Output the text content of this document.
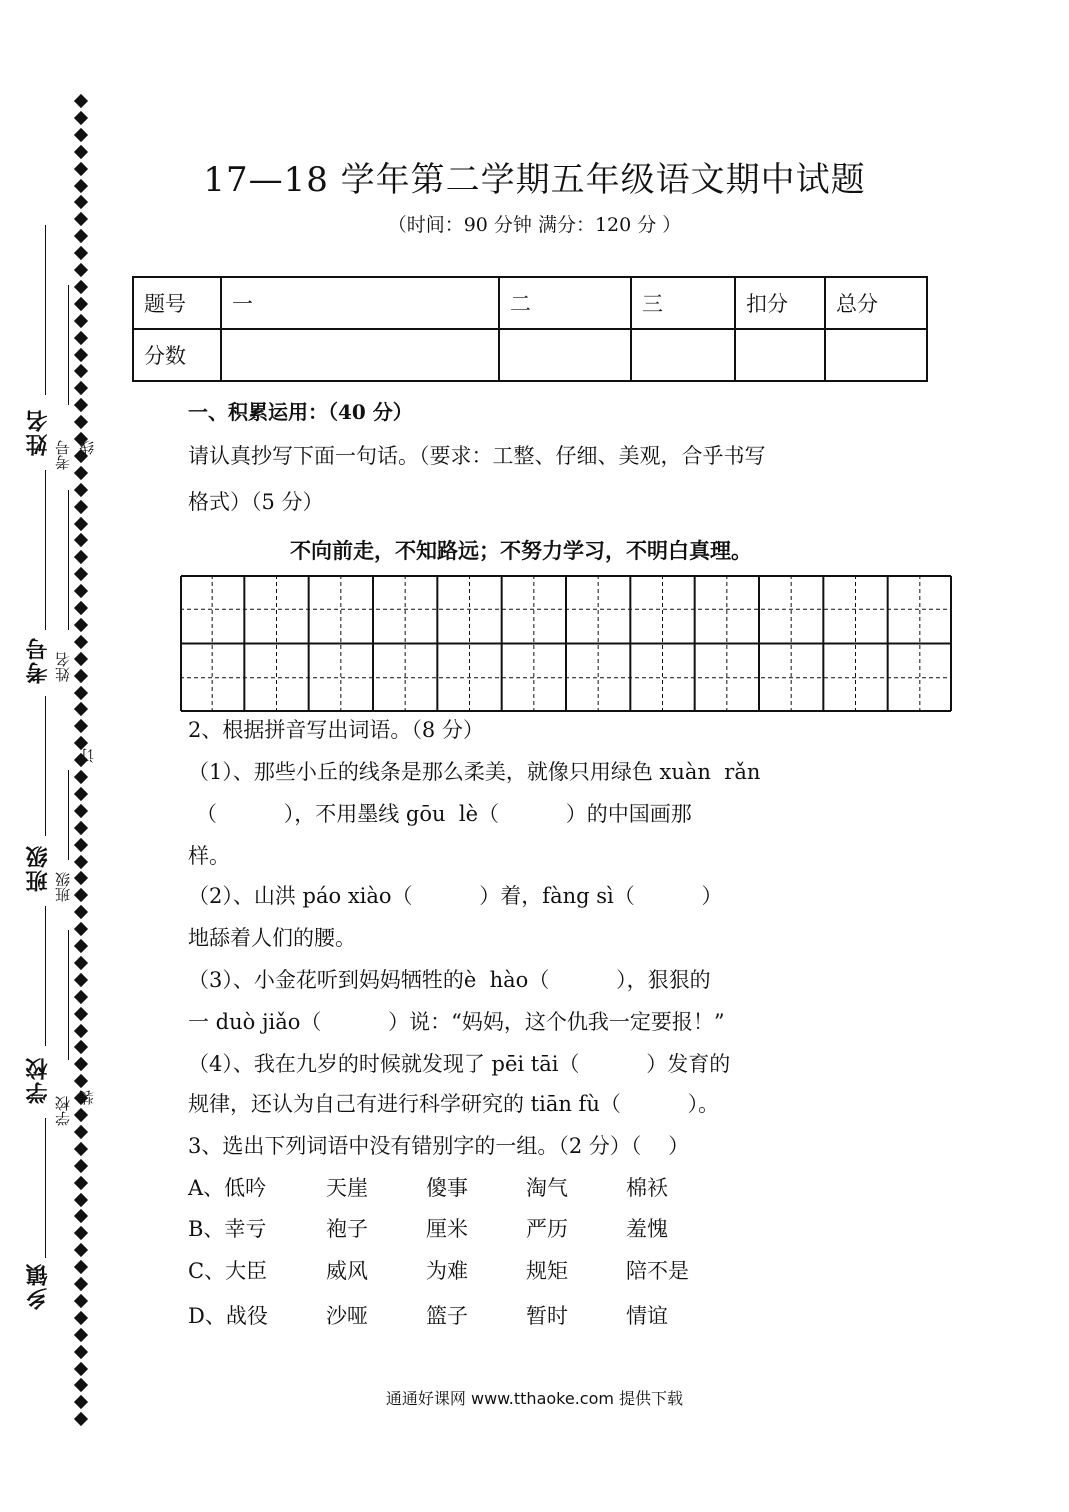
姓名
考号
班级
学校
乡镇
考号 线
姓名
订
班级
学校 装
17—18 学年第二学期五年级语文期中试题
（时间：90 分钟 满分：120 分 ）
题号	一	二	三	扣分	总分
分数					
一、积累运用：（40 分）
请认真抄写下面一句话。（要求：工整、仔细、美观，合乎书写
格式）（5 分）
不向前走，不知路远；不努力学习，不明白真理。
2、根据拼音写出词语。（8 分）
（1）、那些小丘的线条是那么柔美，就像只用绿色 xuàn  rǎn
（          ），不用墨线 gōu  lè（          ）的中国画那
样。
（2）、山洪 páo xiào（          ）着，fàng sì（          ）
地舔着人们的腰。
（3）、小金花听到妈妈牺牲的è  hào（          ），狠狠的
一 duò jiǎo（          ）说：“妈妈，这个仇我一定要报！”
（4）、我在九岁的时候就发现了 pēi tāi（          ）发育的
规律，还认为自己有进行科学研究的 tiān fù（          ）。
3、选出下列词语中没有错别字的一组。（2 分）（    ）
A、低吟	天崖	傻事	淘气	棉袄
B、幸亏	袍子	厘米	严历	羞愧
C、大臣	威风	为难	规矩	陪不是
D、战役	沙哑	篮子	暂时	情谊
通通好课网 www.tthaoke.com 提供下载
